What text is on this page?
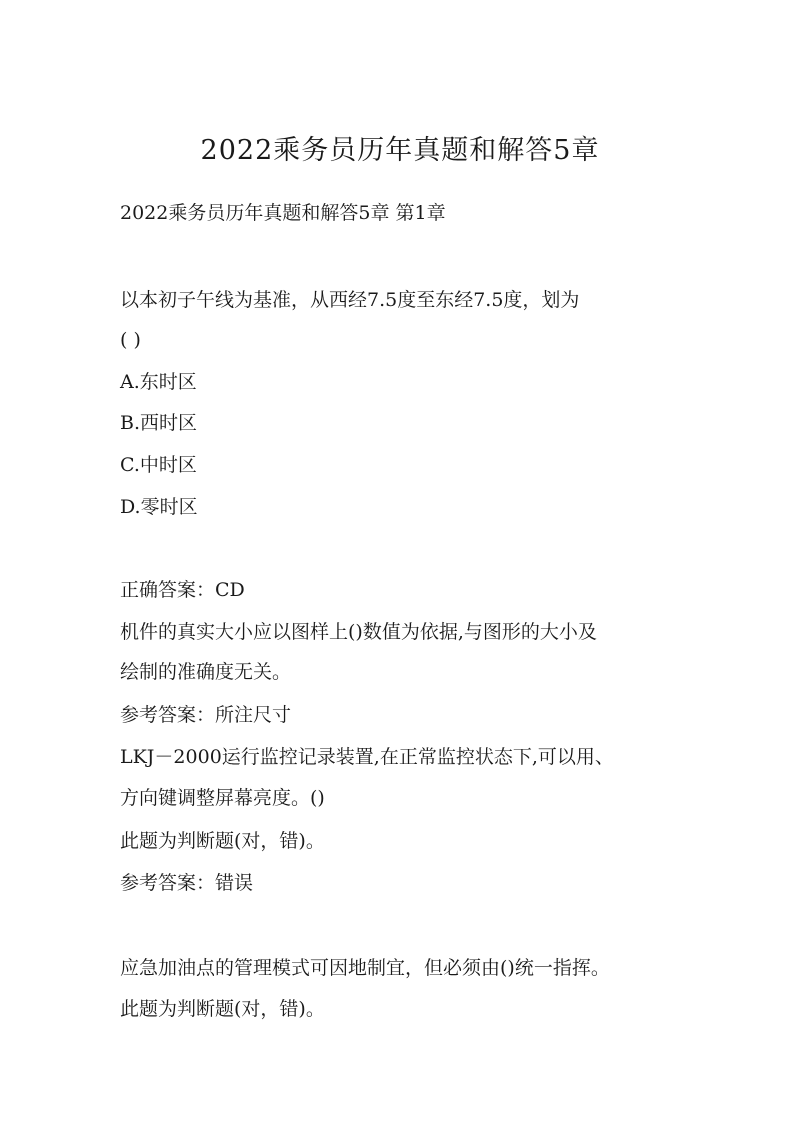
2022乘务员历年真题和解答5章

2022乘务员历年真题和解答5章 第1章

以本初子午线为基准，从西经7.5度至东经7.5度，划为

( )

A.东时区

B.西时区

C.中时区

D.零时区

正确答案：CD

机件的真实大小应以图样上()数值为依据,与图形的大小及

绘制的准确度无关。

参考答案：所注尺寸

LKJ－2000运行监控记录装置,在正常监控状态下,可以用、

方向键调整屏幕亮度。()

此题为判断题(对，错)。

参考答案：错误

应急加油点的管理模式可因地制宜，但必须由()统一指挥。

此题为判断题(对，错)。
